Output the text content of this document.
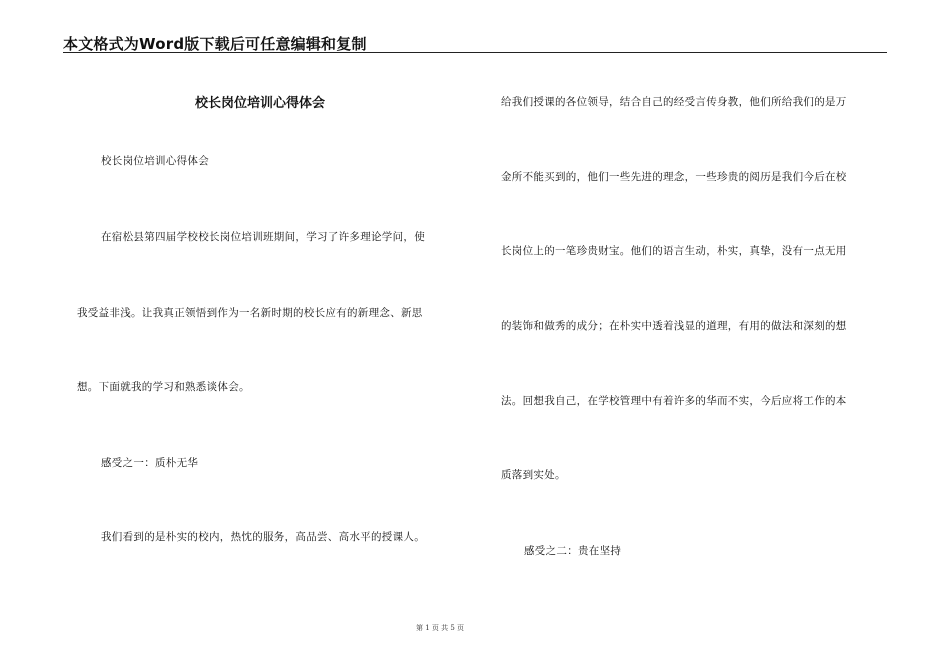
本文格式为Word版下载后可任意编辑和复制
校长岗位培训心得体会
校长岗位培训心得体会
在宿松县第四届学校校长岗位培训班期间，学习了许多理论学问，使
我受益非浅。让我真正领悟到作为一名新时期的校长应有的新理念、新思
想。下面就我的学习和熟悉谈体会。
感受之一：质朴无华
我们看到的是朴实的校内，热忱的服务，高品尝、高水平的授课人。
给我们授课的各位领导，结合自己的经受言传身教，他们所给我们的是万
金所不能买到的，他们一些先进的理念，一些珍贵的阅历是我们今后在校
长岗位上的一笔珍贵财宝。他们的语言生动，朴实，真挚，没有一点无用
的装饰和做秀的成分；在朴实中透着浅显的道理，有用的做法和深刻的想
法。回想我自己，在学校管理中有着许多的华而不实，今后应将工作的本
质落到实处。
感受之二：贵在坚持
第 1 页 共 5 页
